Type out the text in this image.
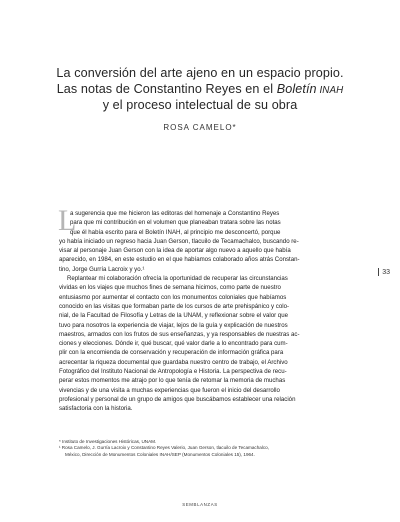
La conversión del arte ajeno en un espacio propio.
Las notas de Constantino Reyes en el Boletín INAH
y el proceso intelectual de su obra
ROSA CAMELO*
L
a sugerencia que me hicieron las editoras del homenaje a Constantino Reyes
para que mi contribución en el volumen que planeaban tratara sobre las notas
que él había escrito para el Boletín INAH, al principio me desconcertó, porque
yo había iniciado un regreso hacia Juan Gerson, tlacuilo de Tecamachalco, buscando re-
visar al personaje Juan Gerson con la idea de aportar algo nuevo a aquello que había
aparecido, en 1984, en este estudio en el que habíamos colaborado años atrás Constan-
tino, Jorge Gurría Lacroix y yo.¹
Replantear mi colaboración ofrecía la oportunidad de recuperar las circunstancias
vividas en los viajes que muchos fines de semana hicimos, como parte de nuestro
entusiasmo por aumentar el contacto con los monumentos coloniales que habíamos
conocido en las visitas que formaban parte de los cursos de arte prehispánico y colo-
nial, de la Facultad de Filosofía y Letras de la UNAM, y reflexionar sobre el valor que
tuvo para nosotros la experiencia de viajar, lejos de la guía y explicación de nuestros
maestros, armados con los frutos de sus enseñanzas, y ya responsables de nuestras ac-
ciones y elecciones. Dónde ir, qué buscar, qué valor darle a lo encontrado para cum-
plir con la encomienda de conservación y recuperación de información gráfica para
acrecentar la riqueza documental que guardaba nuestro centro de trabajo, el Archivo
Fotográfico del Instituto Nacional de Antropología e Historia. La perspectiva de recu-
perar estos momentos me atrajo por lo que tenía de retomar la memoria de muchas
vivencias y de una visita a muchas experiencias que fueron el inicio del desarrollo
profesional y personal de un grupo de amigos que buscábamos establecer una relación
satisfactoria con la historia.
33
* Instituto de Investigaciones Históricas, UNAM.
¹ Rosa Camelo, J. Gurría Lacroix y Constantino Reyes Valerio, Juan Gerson, tlacuilo de Tecamachalco,
México, Dirección de Monumentos Coloniales INAH/SEP (Monumentos Coloniales 15), 1964.
SEMBLANZAS
